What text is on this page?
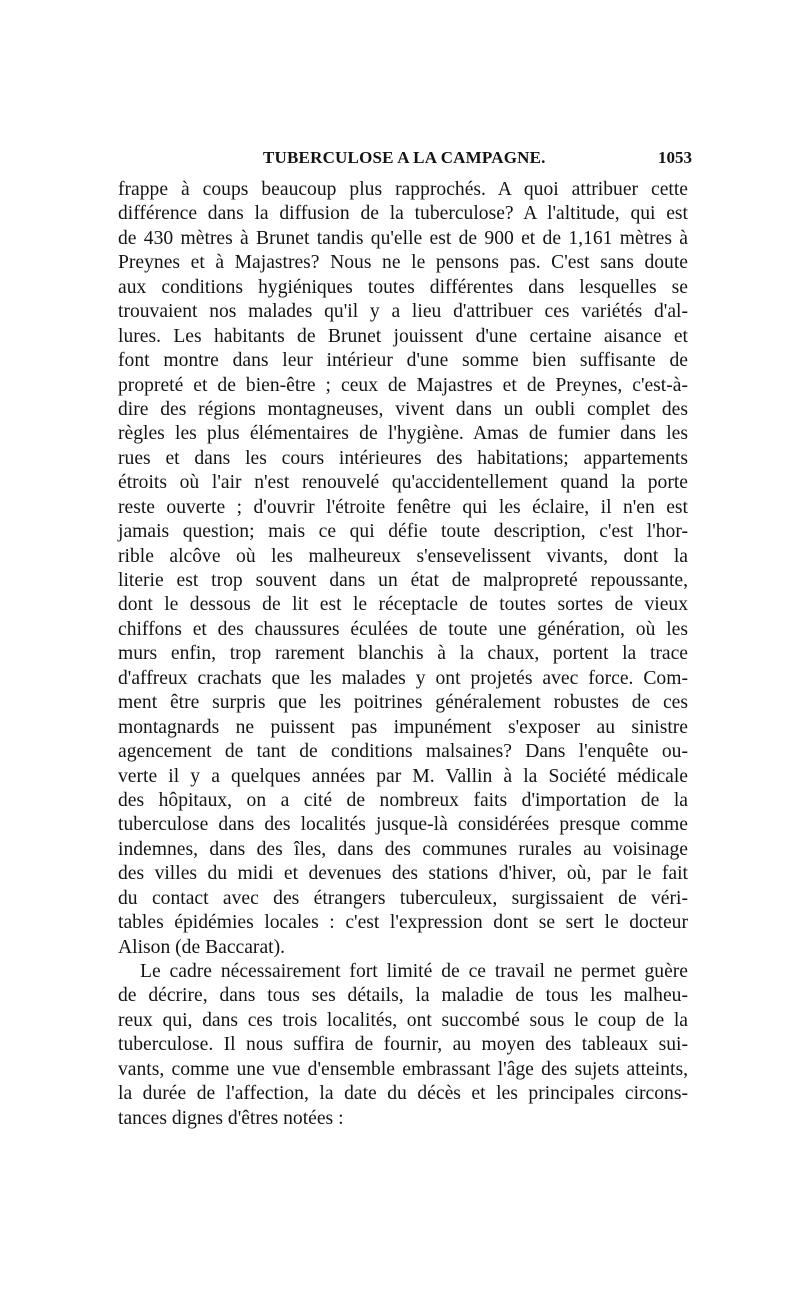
TUBERCULOSE A LA CAMPAGNE.	1053
frappe à coups beaucoup plus rapprochés. A quoi attribuer cette
différence dans la diffusion de la tuberculose? A l'altitude, qui est
de 430 mètres à Brunet tandis qu'elle est de 900 et de 1,161 mètres à
Preynes et à Majastres? Nous ne le pensons pas. C'est sans doute
aux conditions hygiéniques toutes différentes dans lesquelles se
trouvaient nos malades qu'il y a lieu d'attribuer ces variétés d'al-
lures. Les habitants de Brunet jouissent d'une certaine aisance et
font montre dans leur intérieur d'une somme bien suffisante de
propreté et de bien-être ; ceux de Majastres et de Preynes, c'est-à-
dire des régions montagneuses, vivent dans un oubli complet des
règles les plus élémentaires de l'hygiène. Amas de fumier dans les
rues et dans les cours intérieures des habitations; appartements
étroits où l'air n'est renouvelé qu'accidentellement quand la porte
reste ouverte ; d'ouvrir l'étroite fenêtre qui les éclaire, il n'en est
jamais question; mais ce qui défie toute description, c'est l'hor-
rible alcôve où les malheureux s'ensevelissent vivants, dont la
literie est trop souvent dans un état de malpropreté repoussante,
dont le dessous de lit est le réceptacle de toutes sortes de vieux
chiffons et des chaussures éculées de toute une génération, où les
murs enfin, trop rarement blanchis à la chaux, portent la trace
d'affreux crachats que les malades y ont projetés avec force. Com-
ment être surpris que les poitrines généralement robustes de ces
montagnards ne puissent pas impunément s'exposer au sinistre
agencement de tant de conditions malsaines? Dans l'enquête ou-
verte il y a quelques années par M. Vallin à la Société médicale
des hôpitaux, on a cité de nombreux faits d'importation de la
tuberculose dans des localités jusque-là considérées presque comme
indemnes, dans des îles, dans des communes rurales au voisinage
des villes du midi et devenues des stations d'hiver, où, par le fait
du contact avec des étrangers tuberculeux, surgissaient de véri-
tables épidémies locales : c'est l'expression dont se sert le docteur
Alison (de Baccarat).
Le cadre nécessairement fort limité de ce travail ne permet guère
de décrire, dans tous ses détails, la maladie de tous les malheu-
reux qui, dans ces trois localités, ont succombé sous le coup de la
tuberculose. Il nous suffira de fournir, au moyen des tableaux sui-
vants, comme une vue d'ensemble embrassant l'âge des sujets atteints,
la durée de l'affection, la date du décès et les principales circons-
tances dignes d'êtres notées :
